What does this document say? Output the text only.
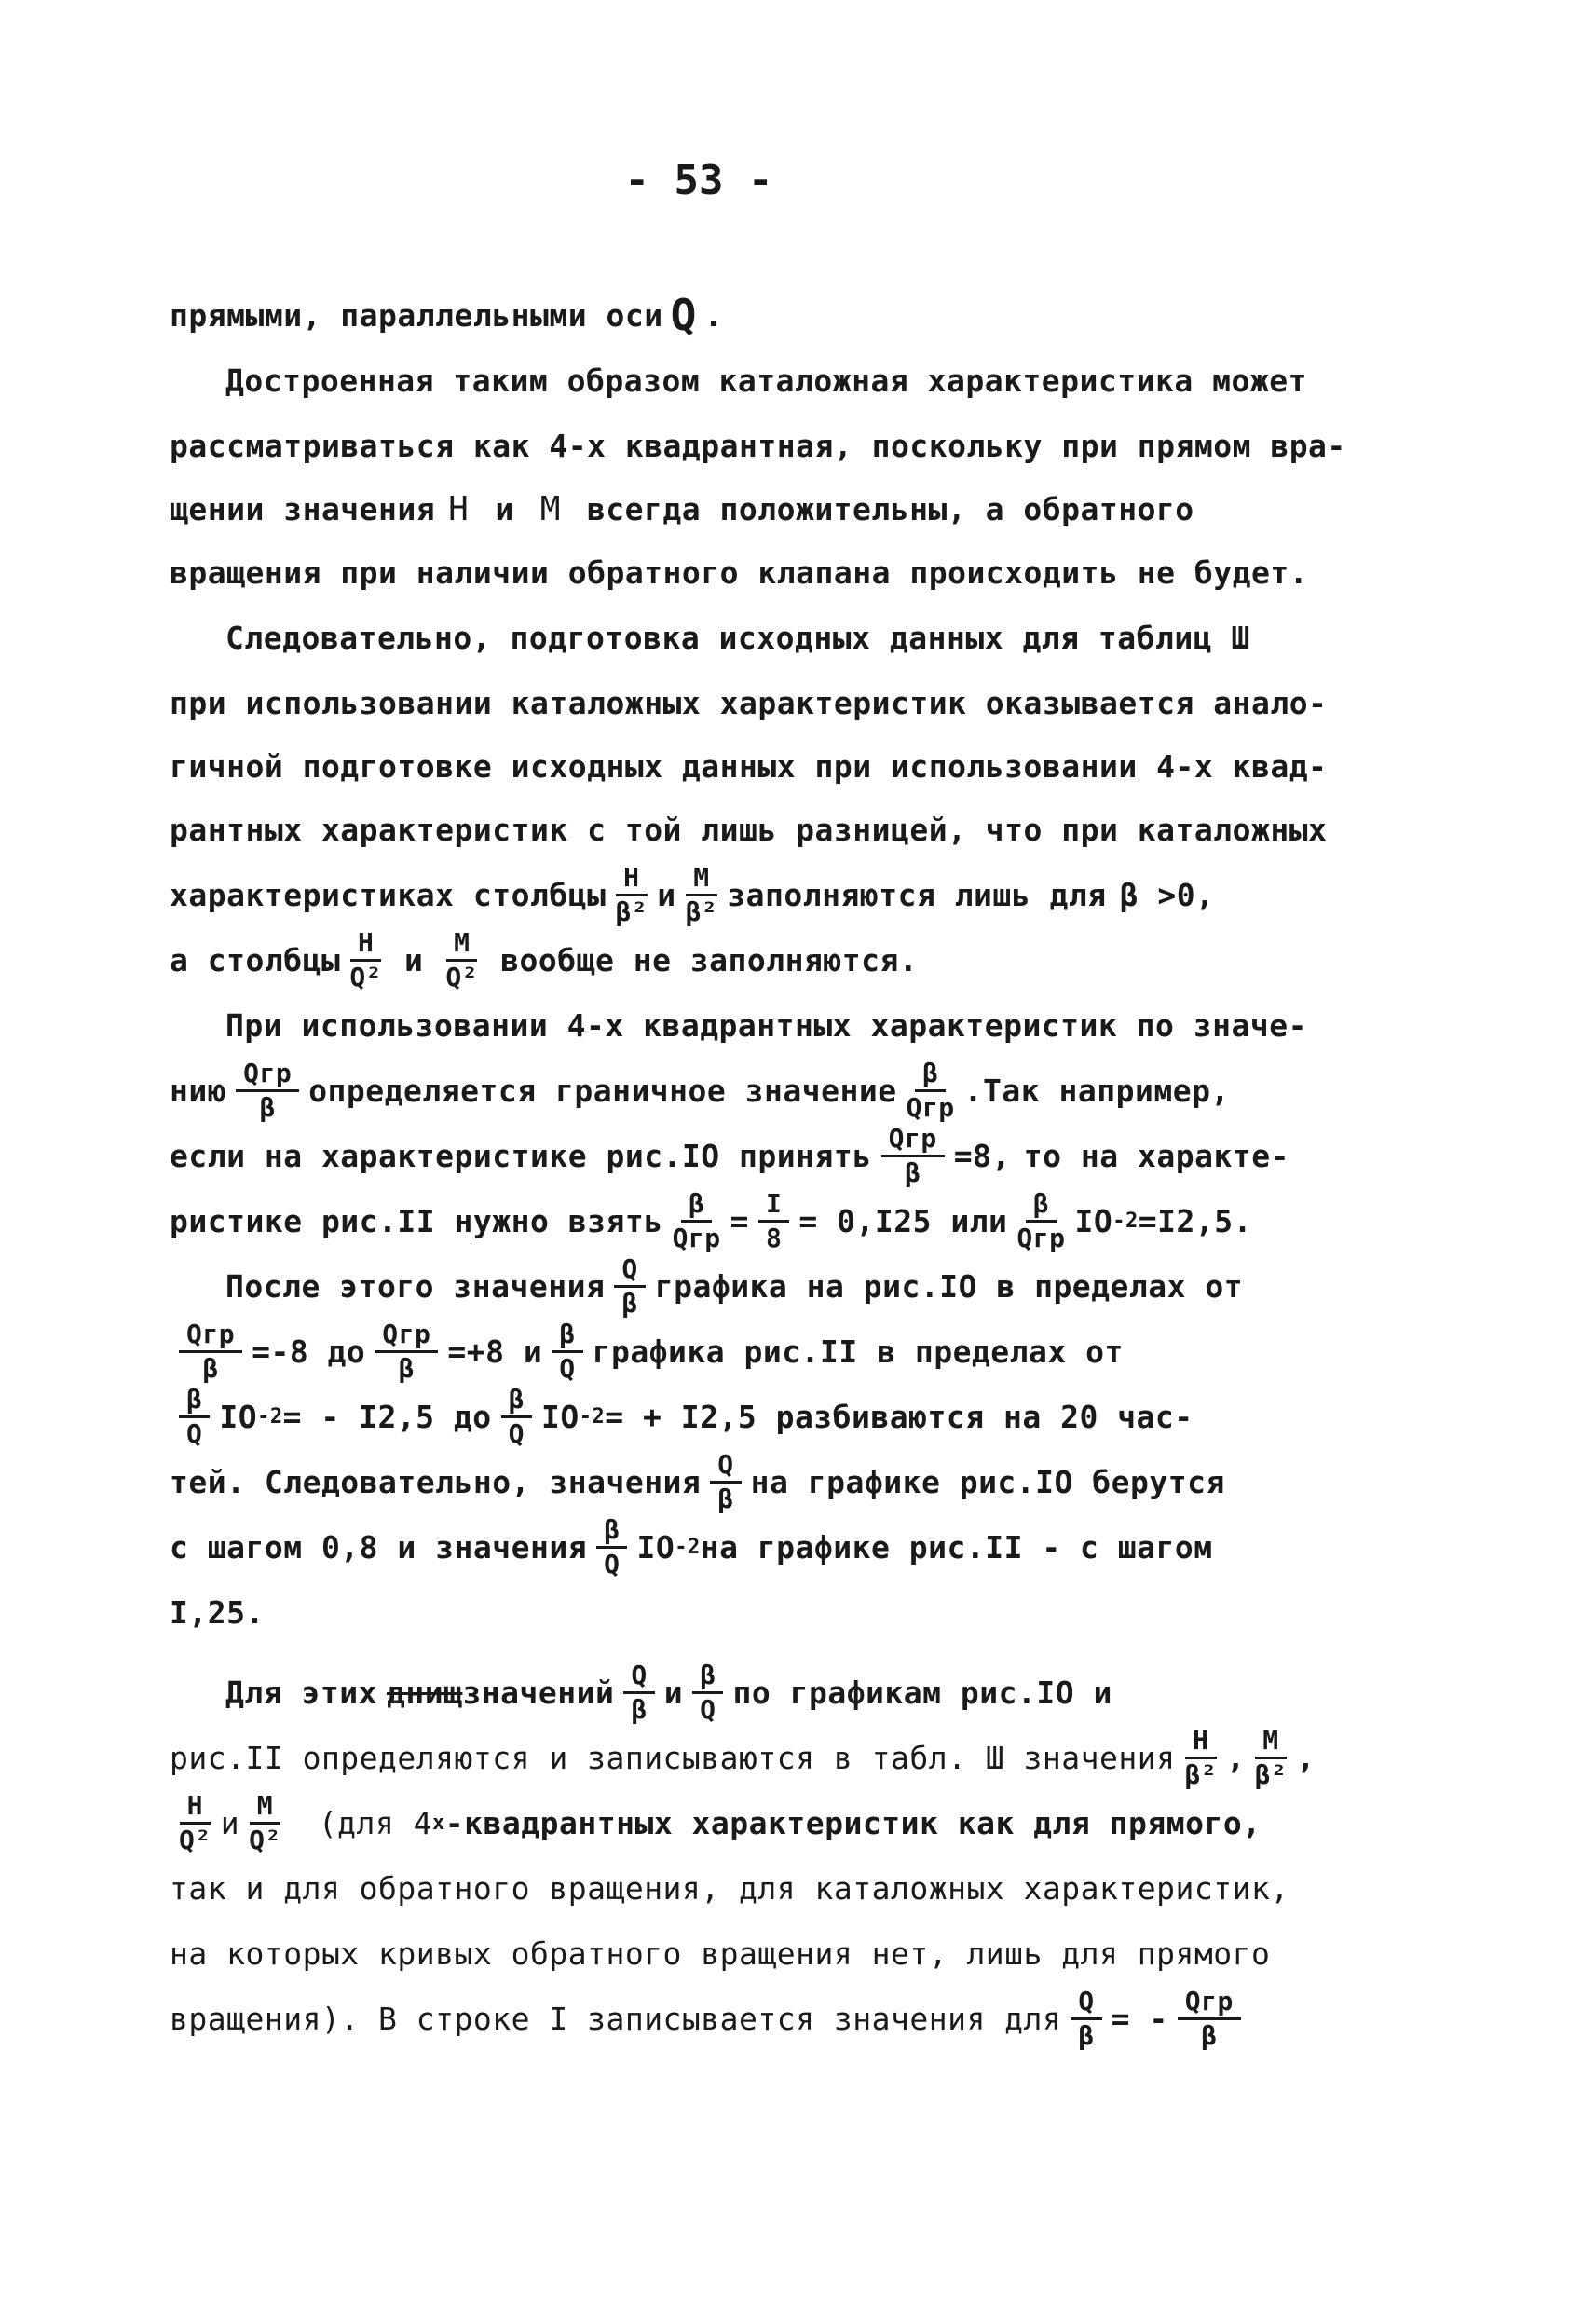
- 53 -
прямыми, параллельными оси Q .
Достроенная таким образом каталожная характеристика может
рассматриваться как 4-х квадрантная, поскольку при прямом вра-
щении значения H и M всегда положительны, а обратного
вращения при наличии обратного клапана происходить не будет.
Следовательно, подготовка исходных данных для таблиц Ш
при использовании каталожных характеристик оказывается анало-
гичной подготовке исходных данных при использовании 4-х квад-
рантных характеристик с той лишь разницей, что при каталожных
характеристиках столбцы $\frac{H}{\text{β²}}$ и $\frac{M}{\text{β²}}$ заполняются лишь для β >0,
а столбцы $\frac{H}{\text{Q²}}$ и $\frac{M}{\text{Q²}}$ вообще не заполняются.
При использовании 4-х квадрантных характеристик по значе-
нию $\frac{\text{Qгр}}{\beta}$ определяется граничное значение $\frac{\beta}{\text{Qгр}} .Так$ например,
если на характеристике рис.IO принять $\frac{\text{Qгр}}{\beta} =8$, то на характе-
ристике рис.II нужно взять $\frac{\beta}{\text{Qгр}} = \frac{I}{8} = 0,I25$ или $\frac{\beta}{\text{Qгр}}$ IO -2 =I2,5.
После этого значения $\frac{Q}{\beta}$ графика на рис.IO в пределах от
$\frac{\text{Qгр}}{\beta} =-8$ до $\frac{\text{Qгр}}{\beta} =+8$ и $\frac{\beta}{Q}$ графика рис.II в пределах от
$\frac{\beta}{Q}$ IO -2 = - I2,5 до $\frac{\beta}{Q}$ IO -2 = + I2,5 разбиваются на 20 час-
тей. Следовательно, значения $\frac{Q}{\beta}$ на графике рис.IO берутся
с шагом 0,8 и значения $\frac{\beta}{Q}$ IO -2 на графике рис.II - с шагом
I,25.
Для этих днищ значений $\frac{Q}{\beta}$ и $\frac{\beta}{Q}$ по графикам рис.IO и
рис.II определяются и записываются в табл. Ш значения $\frac{H}{\text{β²}}$ , $\frac{M}{\text{β²}}$ ,
$\frac{H}{\text{Q²}}$ и $\frac{M}{\text{Q²}} (для$ 4 х -квадрантных характеристик как для прямого,
так и для обратного вращения, для каталожных характеристик,
на которых кривых обратного вращения нет, лишь для прямого
вращения). В строке I записывается значения для $\frac{Q}{\beta}$ = - $\frac{\text{Qгр}}{\beta}$
